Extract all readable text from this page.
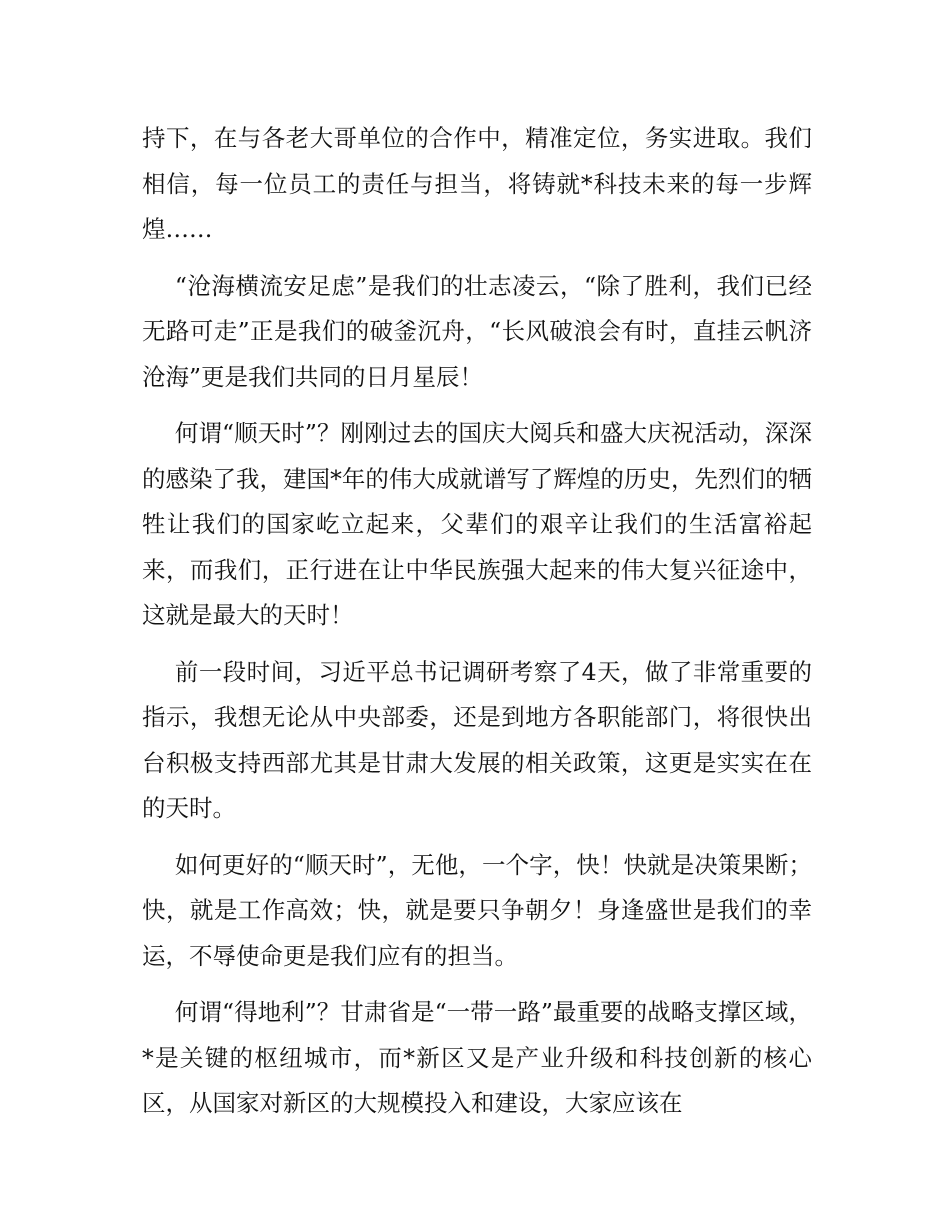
持下，在与各老大哥单位的合作中，精准定位，务实进取。我们相信，每一位员工的责任与担当，将铸就*科技未来的每一步辉煌……

“沧海横流安足虑”是我们的壮志凌云，“除了胜利，我们已经无路可走”正是我们的破釜沉舟，“长风破浪会有时，直挂云帆济沧海”更是我们共同的日月星辰！

何谓“顺天时”？刚刚过去的国庆大阅兵和盛大庆祝活动，深深的感染了我，建国*年的伟大成就谱写了辉煌的历史，先烈们的牺牲让我们的国家屹立起来，父辈们的艰辛让我们的生活富裕起来，而我们，正行进在让中华民族强大起来的伟大复兴征途中，这就是最大的天时！

前一段时间，习近平总书记调研考察了4天，做了非常重要的指示，我想无论从中央部委，还是到地方各职能部门，将很快出台积极支持西部尤其是甘肃大发展的相关政策，这更是实实在在的天时。

如何更好的“顺天时”，无他，一个字，快！快就是决策果断；快，就是工作高效；快，就是要只争朝夕！身逢盛世是我们的幸运，不辱使命更是我们应有的担当。

何谓“得地利”？甘肃省是“一带一路”最重要的战略支撑区域，*是关键的枢纽城市，而*新区又是产业升级和科技创新的核心区，从国家对新区的大规模投入和建设，大家应该在
